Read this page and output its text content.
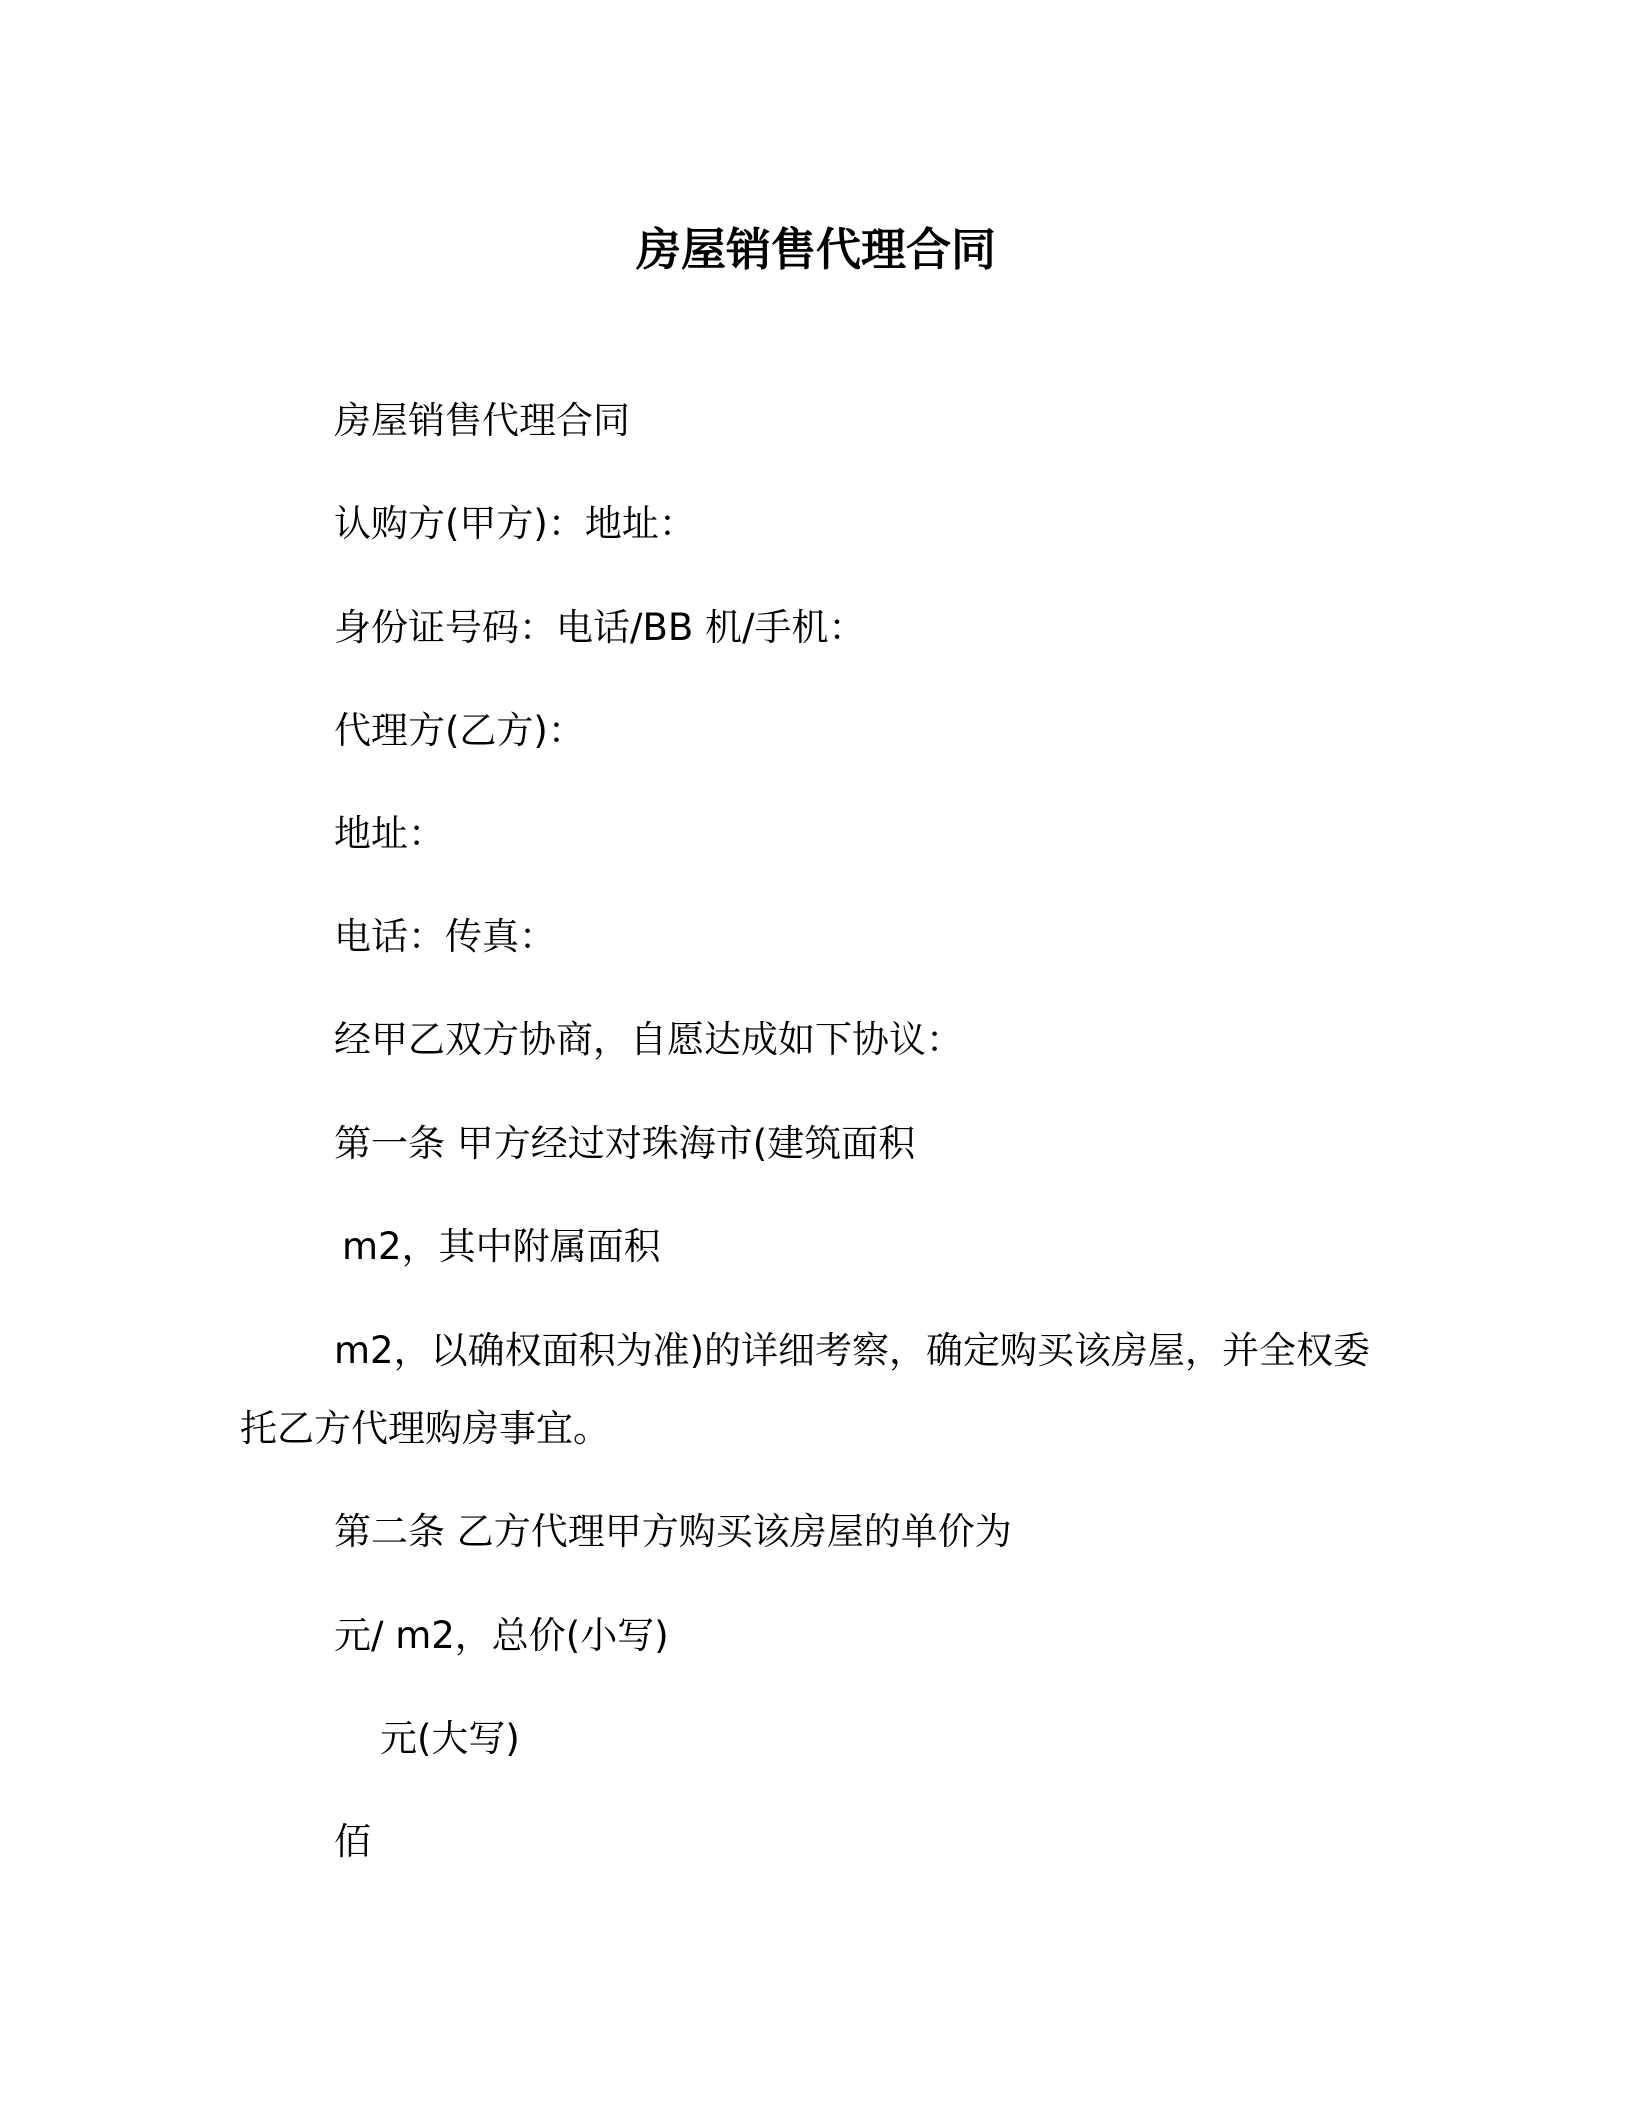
房屋销售代理合同
房屋销售代理合同
认购方(甲方)：地址：
身份证号码：电话/BB 机/手机：
代理方(乙方)：
地址：
电话：传真：
经甲乙双方协商，自愿达成如下协议：
第一条 甲方经过对珠海市(建筑面积
m2，其中附属面积
m2，以确权面积为准)的详细考察，确定购买该房屋，并全权委
托乙方代理购房事宜。
第二条 乙方代理甲方购买该房屋的单价为
元/ m2，总价(小写)
元(大写)
佰
